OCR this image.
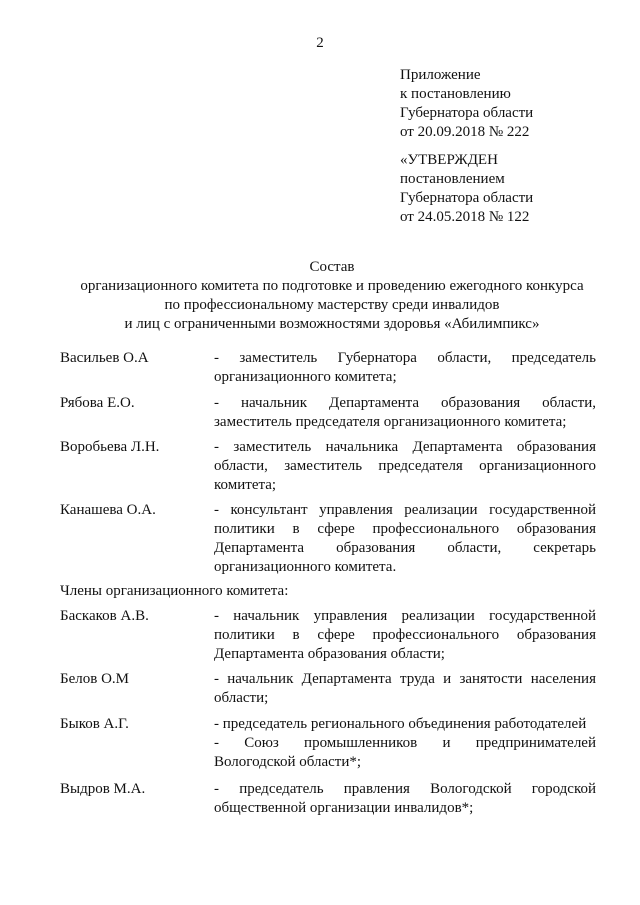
2
Приложение
к постановлению
Губернатора области
от 20.09.2018 № 222
«УТВЕРЖДЕН
постановлением
Губернатора области
от 24.05.2018 № 122
Состав
организационного комитета по подготовке и проведению ежегодного конкурса
по профессиональному мастерству среди инвалидов
и лиц с ограниченными возможностями здоровья «Абилимпикс»
Васильев О.А	- заместитель Губернатора области, председатель
организационного комитета;
Рябова Е.О.	- начальник Департамента образования области,
заместитель председателя организационного комитета;
Воробьева Л.Н.	- заместитель начальника Департамента образования
области, заместитель председателя организационного
комитета;
Канашева О.А.	- консультант управления реализации государственной
политики в сфере профессионального образования
Департамента образования области, секретарь
организационного комитета.
Члены организационного комитета:
Баскаков А.В.	- начальник управления реализации государственной
политики в сфере профессионального образования
Департамента образования области;
Белов О.М	- начальник Департамента труда и занятости населения
области;
Быков А.Г.	- председатель регионального объединения работодателей
- Союз промышленников и предпринимателей
Вологодской области*;
Выдров М.А.	- председатель правления Вологодской городской
общественной организации инвалидов*;
